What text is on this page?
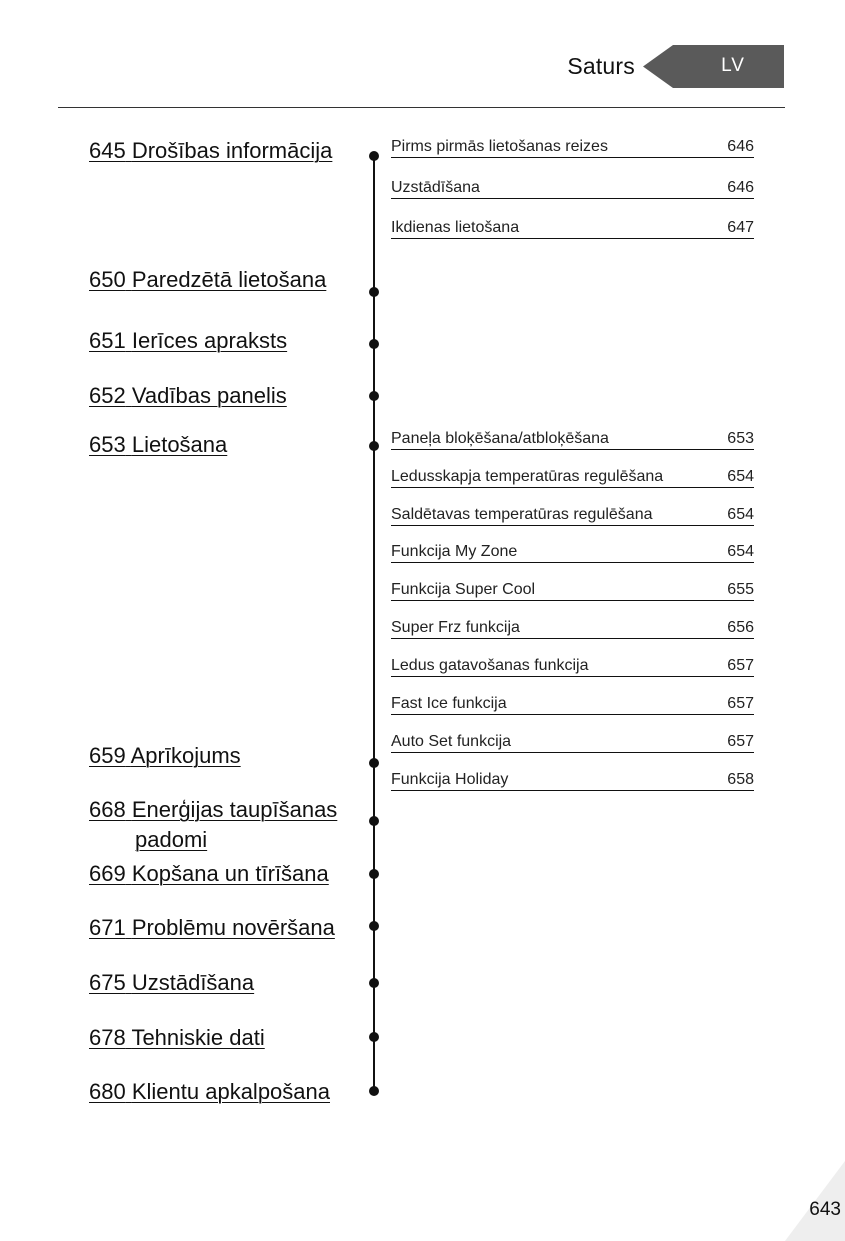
Saturs	LV
645 Drošības informācija
650 Paredzētā lietošana
651 Ierīces apraksts
652 Vadības panelis
653 Lietošana
659 Aprīkojums
668 Enerģijas taupīšanas
padomi
669 Kopšana un tīrīšana
671 Problēmu novēršana
675 Uzstādīšana
678 Tehniskie dati
680 Klientu apkalpošana
Pirms pirmās lietošanas reizes	646
Uzstādīšana	646
Ikdienas lietošana	647
Paneļa bloķēšana/atbloķēšana	653
Ledusskapja temperatūras regulēšana	654
Saldētavas temperatūras regulēšana	654
Funkcija My Zone	654
Funkcija Super Cool	655
Super Frz funkcija	656
Ledus gatavošanas funkcija	657
Fast Ice funkcija	657
Auto Set funkcija	657
Funkcija Holiday	658
643
